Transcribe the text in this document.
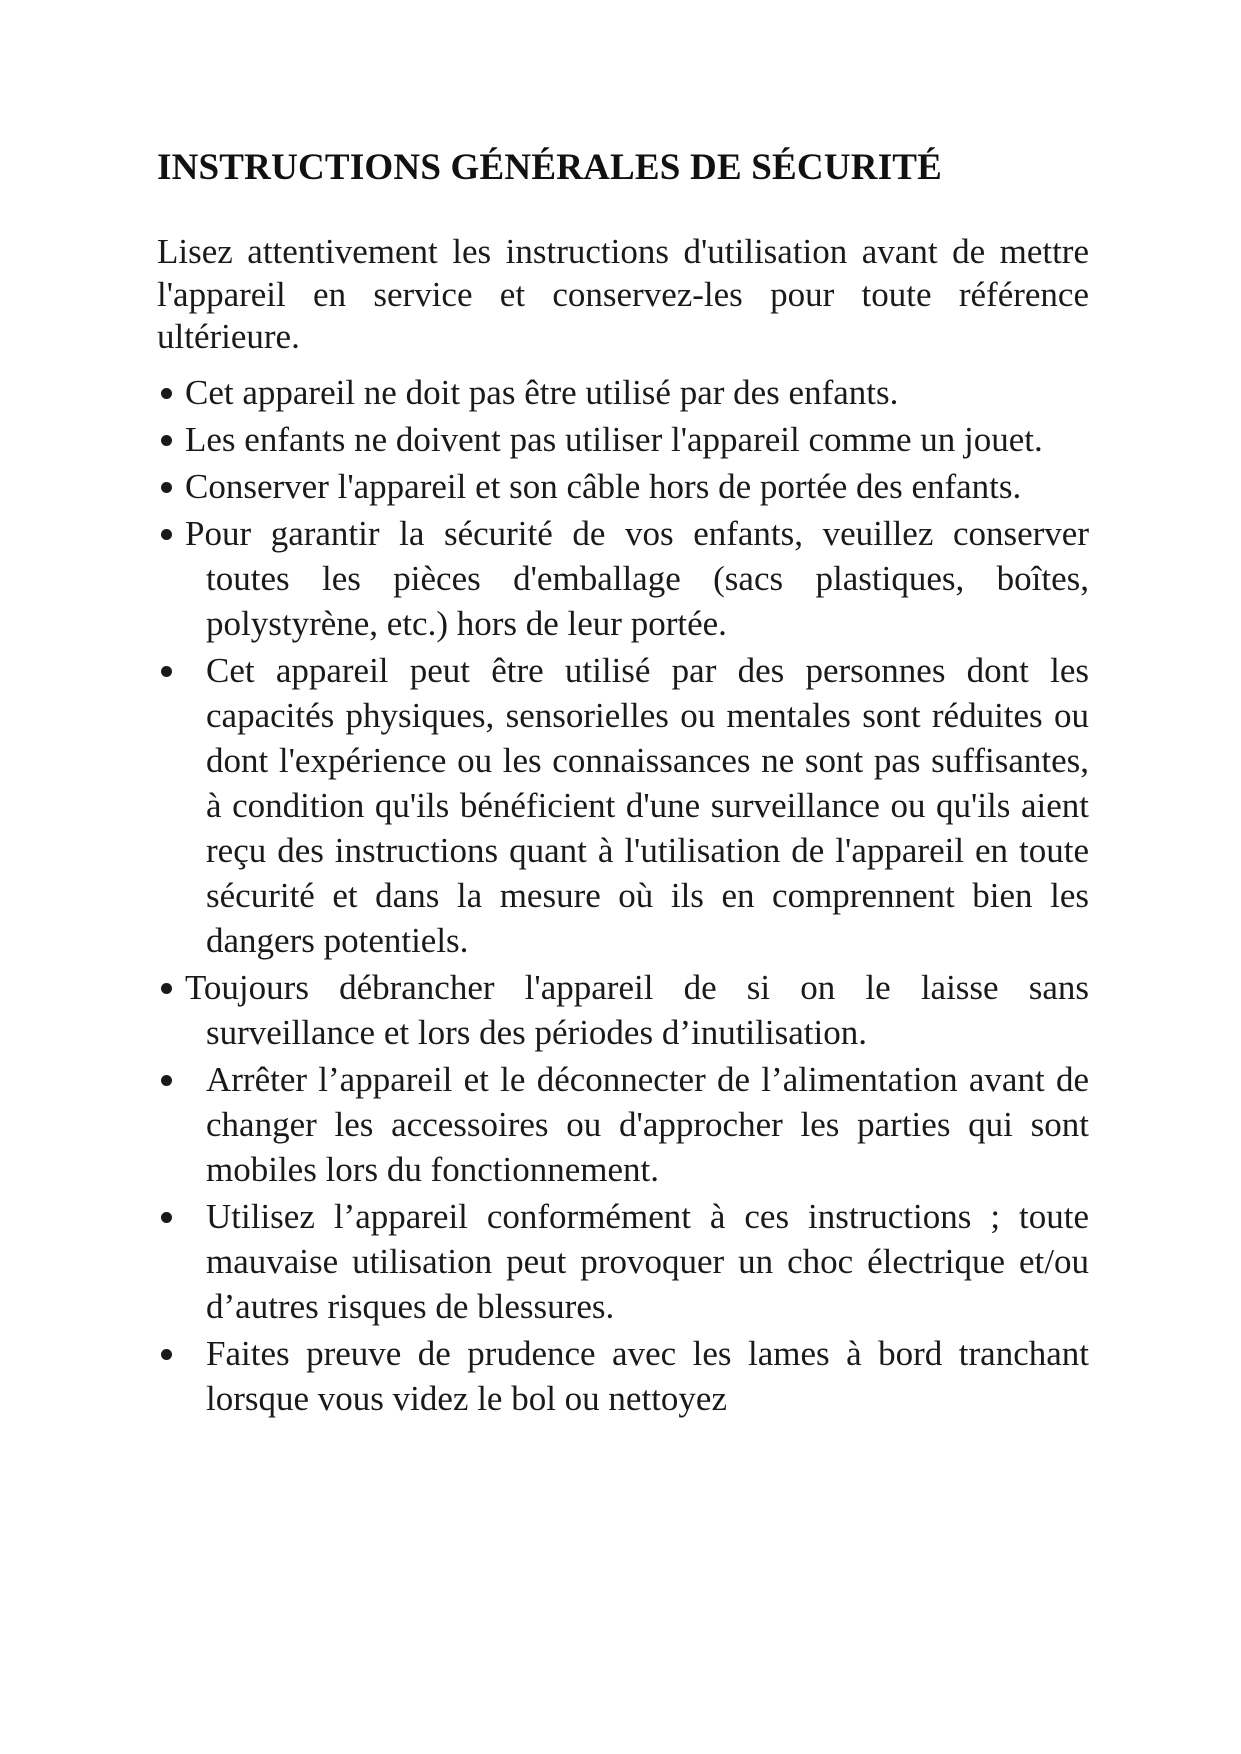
INSTRUCTIONS GÉNÉRALES DE SÉCURITÉ

Lisez attentivement les instructions d'utilisation avant de mettre l'appareil en service et conservez-les pour toute référence ultérieure.

Cet appareil ne doit pas être utilisé par des enfants.
Les enfants ne doivent pas utiliser l'appareil comme un jouet.
Conserver l'appareil et son câble hors de portée des enfants.
Pour garantir la sécurité de vos enfants, veuillez conserver toutes les pièces d'emballage (sacs plastiques, boîtes, polystyrène, etc.) hors de leur portée.
Cet appareil peut être utilisé par des personnes dont les capacités physiques, sensorielles ou mentales sont réduites ou dont l'expérience ou les connaissances ne sont pas suffisantes, à condition qu'ils bénéficient d'une surveillance ou qu'ils aient reçu des instructions quant à l'utilisation de l'appareil en toute sécurité et dans la mesure où ils en comprennent bien les dangers potentiels.
Toujours débrancher l'appareil de si on le laisse sans surveillance et lors des périodes d’inutilisation.
Arrêter l’appareil et le déconnecter de l’alimentation avant de changer les accessoires ou d'approcher les parties qui sont mobiles lors du fonctionnement.
Utilisez l’appareil conformément à ces instructions ; toute mauvaise utilisation peut provoquer un choc électrique et/ou d’autres risques de blessures.
Faites preuve de prudence avec les lames à bord tranchant lorsque vous videz le bol ou nettoyez
